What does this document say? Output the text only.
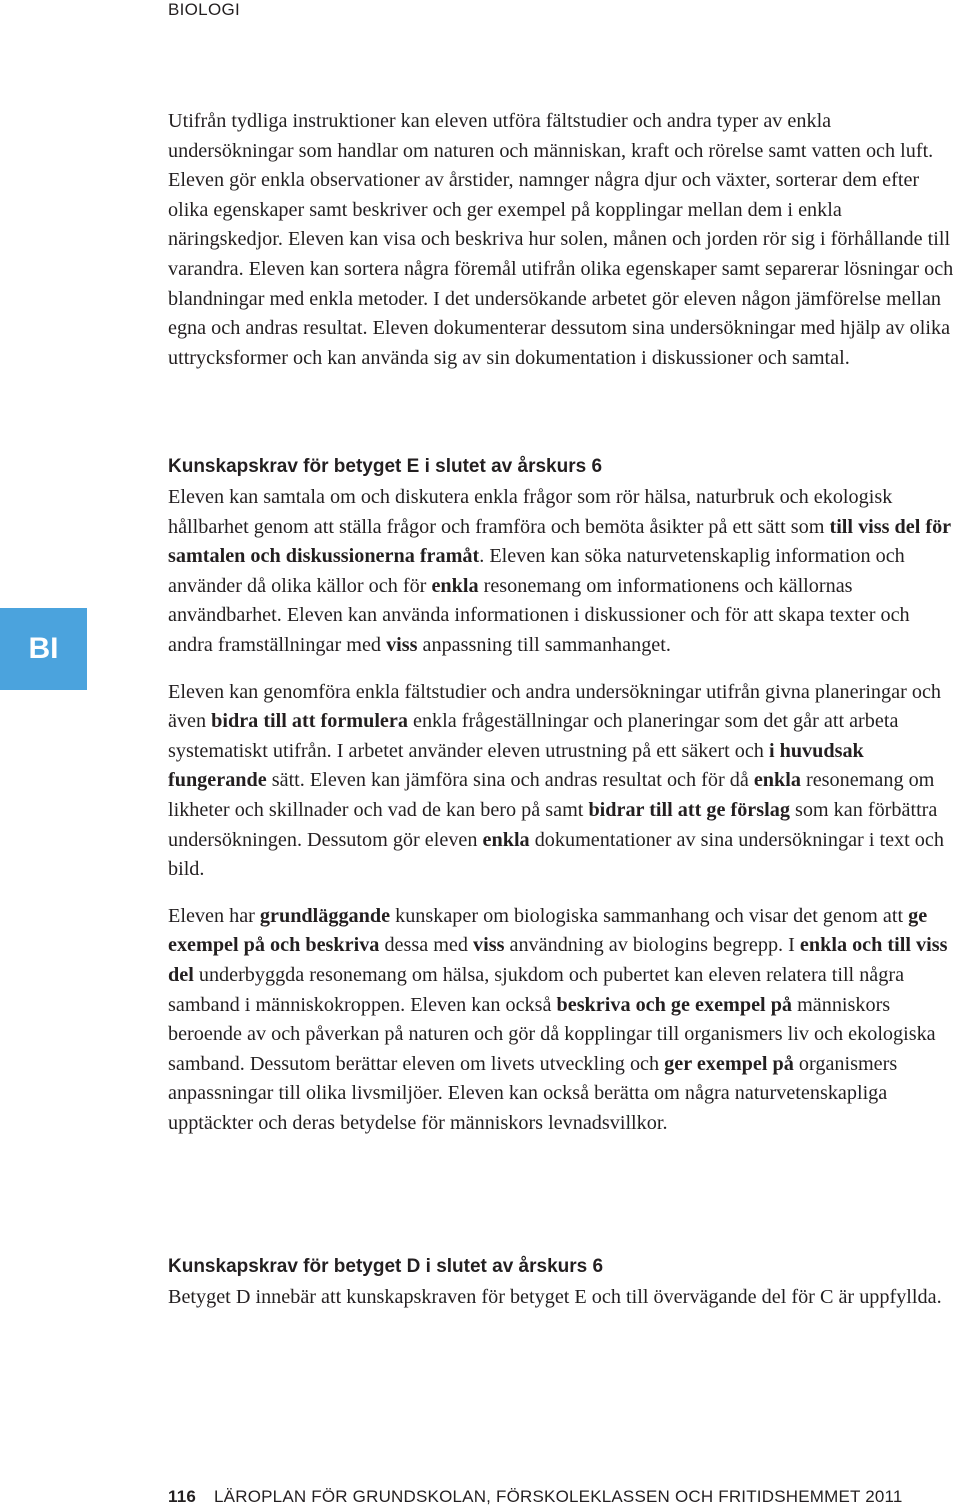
BIOLOGI
Utifrån tydliga instruktioner kan eleven utföra fältstudier och andra typer av enkla undersökningar som handlar om naturen och människan, kraft och rörelse samt vatten och luft. Eleven gör enkla observationer av årstider, namnger några djur och växter, sorterar dem efter olika egenskaper samt beskriver och ger exempel på kopplingar mellan dem i enkla näringskedjor. Eleven kan visa och beskriva hur solen, månen och jorden rör sig i förhållande till varandra. Eleven kan sortera några föremål utifrån olika egenskaper samt separerar lösningar och blandningar med enkla metoder. I det undersökande arbetet gör eleven någon jämförelse mellan egna och andras resultat. Eleven dokumenterar dessutom sina undersökningar med hjälp av olika uttrycksformer och kan använda sig av sin dokumentation i diskussioner och samtal.
BI
Kunskapskrav för betyget E i slutet av årskurs 6

Eleven kan samtala om och diskutera enkla frågor som rör hälsa, naturbruk och ekologisk hållbarhet genom att ställa frågor och framföra och bemöta åsikter på ett sätt som till viss del för samtalen och diskussionerna framåt. Eleven kan söka naturvetenskaplig information och använder då olika källor och för enkla resonemang om informationens och källornas användbarhet. Eleven kan använda informationen i diskussioner och för att skapa texter och andra framställningar med viss anpassning till sammanhanget.

Eleven kan genomföra enkla fältstudier och andra undersökningar utifrån givna planeringar och även bidra till att formulera enkla frågeställningar och planeringar som det går att arbeta systematiskt utifrån. I arbetet använder eleven utrustning på ett säkert och i huvudsak fungerande sätt. Eleven kan jämföra sina och andras resultat och för då enkla resonemang om likheter och skillnader och vad de kan bero på samt bidrar till att ge förslag som kan förbättra undersökningen. Dessutom gör eleven enkla dokumentationer av sina undersökningar i text och bild.

Eleven har grundläggande kunskaper om biologiska sammanhang och visar det genom att ge exempel på och beskriva dessa med viss användning av biologins begrepp. I enkla och till viss del underbyggda resonemang om hälsa, sjukdom och pubertet kan eleven relatera till några samband i människokroppen. Eleven kan också beskriva och ge exempel på människors beroende av och påverkan på naturen och gör då kopplingar till organismers liv och ekologiska samband. Dessutom berättar eleven om livets utveckling och ger exempel på organismers anpassningar till olika livsmiljöer. Eleven kan också berätta om några naturvetenskapliga upptäckter och deras betydelse för människors levnadsvillkor.

Kunskapskrav för betyget D i slutet av årskurs 6

Betyget D innebär att kunskapskraven för betyget E och till övervägande del för C är uppfyllda.

116 LÄROPLAN FÖR GRUNDSKOLAN, FÖRSKOLEKLASSEN OCH FRITIDSHEMMET 2011
